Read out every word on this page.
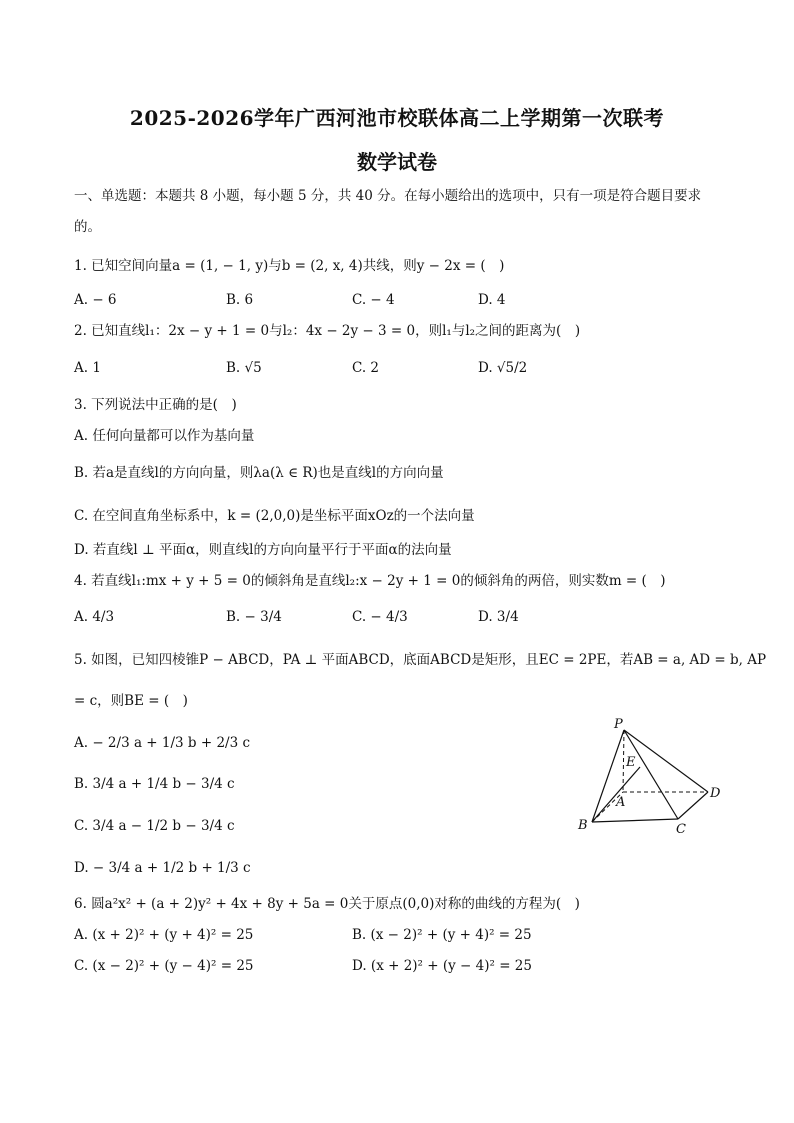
2025-2026学年广西河池市校联体高二上学期第一次联考
数学试卷
一、单选题：本题共 8 小题，每小题 5 分，共 40 分。在每小题给出的选项中，只有一项是符合题目要求
的。
1. 已知空间向量a = (1, − 1, y)与b = (2, x, 4)共线，则y − 2x = (　)
A. − 6	B. 6	C. − 4	D. 4
2. 已知直线l₁：2x − y + 1 = 0与l₂：4x − 2y − 3 = 0，则l₁与l₂之间的距离为(　)
A. 1	B. √5	C. 2	D. √5/2
3. 下列说法中正确的是(　)
A. 任何向量都可以作为基向量
B. 若a是直线l的方向向量，则λa(λ ∈ R)也是直线l的方向向量
C. 在空间直角坐标系中，k = (2,0,0)是坐标平面xOz的一个法向量
D. 若直线l ⊥ 平面α，则直线l的方向向量平行于平面α的法向量
4. 若直线l₁:mx + y + 5 = 0的倾斜角是直线l₂:x − 2y + 1 = 0的倾斜角的两倍，则实数m = (　)
A. 4/3	B. − 3/4	C. − 4/3	D. 3/4
5. 如图，已知四棱锥P − ABCD，PA ⊥ 平面ABCD，底面ABCD是矩形，且EC = 2PE，若AB = a, AD = b, AP
= c，则BE = (　)
A. − 2/3 a + 1/3 b + 2/3 c
B. 3/4 a + 1/4 b − 3/4 c
C. 3/4 a − 1/2 b − 3/4 c
D. − 3/4 a + 1/2 b + 1/3 c
P
E
A
D
B	C
6. 圆a²x² + (a + 2)y² + 4x + 8y + 5a = 0关于原点(0,0)对称的曲线的方程为(　)
A. (x + 2)² + (y + 4)² = 25	B. (x − 2)² + (y + 4)² = 25
C. (x − 2)² + (y − 4)² = 25	D. (x + 2)² + (y − 4)² = 25
